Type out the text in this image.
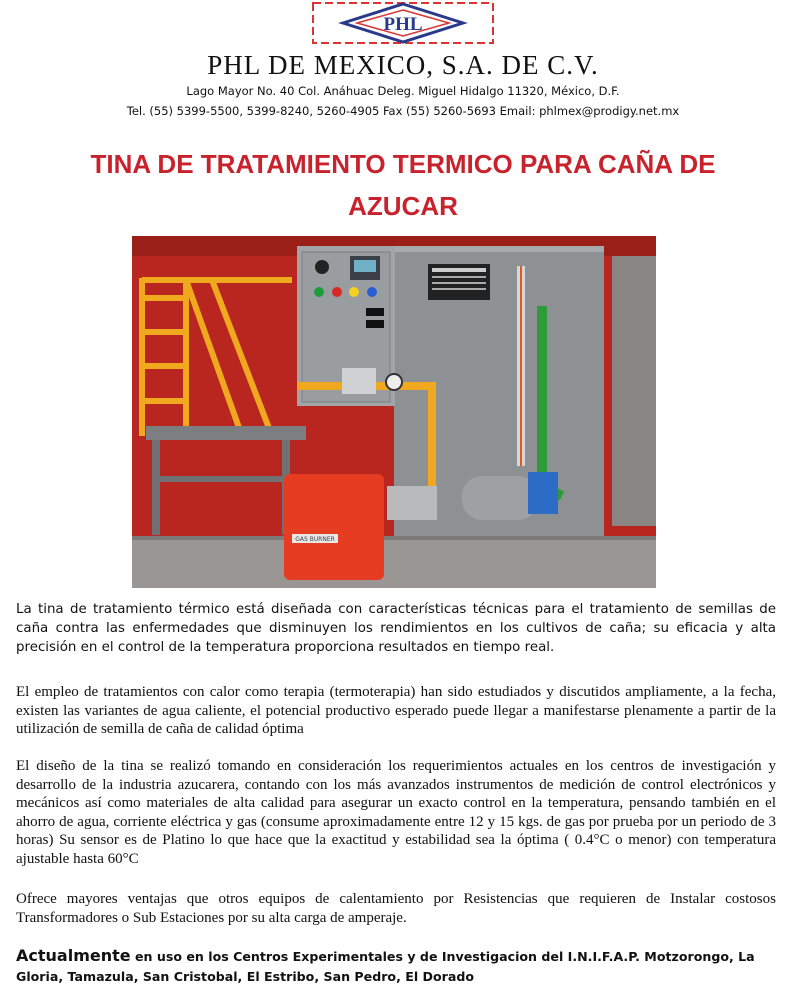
PHL
PHL DE MEXICO, S.A. DE C.V.
Lago Mayor No. 40 Col. Anáhuac Deleg. Miguel Hidalgo 11320, México, D.F.
Tel. (55) 5399-5500, 5399-8240, 5260-4905 Fax (55) 5260-5693 Email: phlmex@prodigy.net.mx
TINA DE TRATAMIENTO TERMICO PARA CAÑA DE AZUCAR
GAS BURNER
La tina de tratamiento térmico está diseñada con características técnicas para el tratamiento de semillas de caña contra las enfermedades que disminuyen los rendimientos en los cultivos de caña; su eficacia y alta precisión en el control de la temperatura proporciona resultados en tiempo real.
El empleo de tratamientos con calor como terapia (termoterapia) han sido estudiados y discutidos ampliamente, a la fecha, existen las variantes de agua caliente, el potencial productivo esperado puede llegar a manifestarse plenamente a partir de la utilización de semilla de caña de calidad óptima
El diseño de la tina se realizó tomando en consideración los requerimientos actuales en los centros de investigación y desarrollo de la industria azucarera, contando con los más avanzados instrumentos de medición de control electrónicos y mecánicos así como materiales de alta calidad para asegurar un exacto control en la temperatura, pensando también en el ahorro de agua, corriente eléctrica y gas (consume aproximadamente entre 12 y 15 kgs. de gas por prueba por un periodo de 3 horas) Su sensor es de Platino lo que hace que la exactitud y estabilidad sea la óptima ( 0.4°C o menor) con temperatura ajustable hasta 60°C
Ofrece mayores ventajas que otros equipos de calentamiento por Resistencias que requieren de Instalar costosos Transformadores o Sub Estaciones por su alta carga de amperaje.
Actualmente en uso en los Centros Experimentales y de Investigacion del I.N.I.F.A.P. Motzorongo, La Gloria, Tamazula, San Cristobal, El Estribo, San Pedro, El Dorado
